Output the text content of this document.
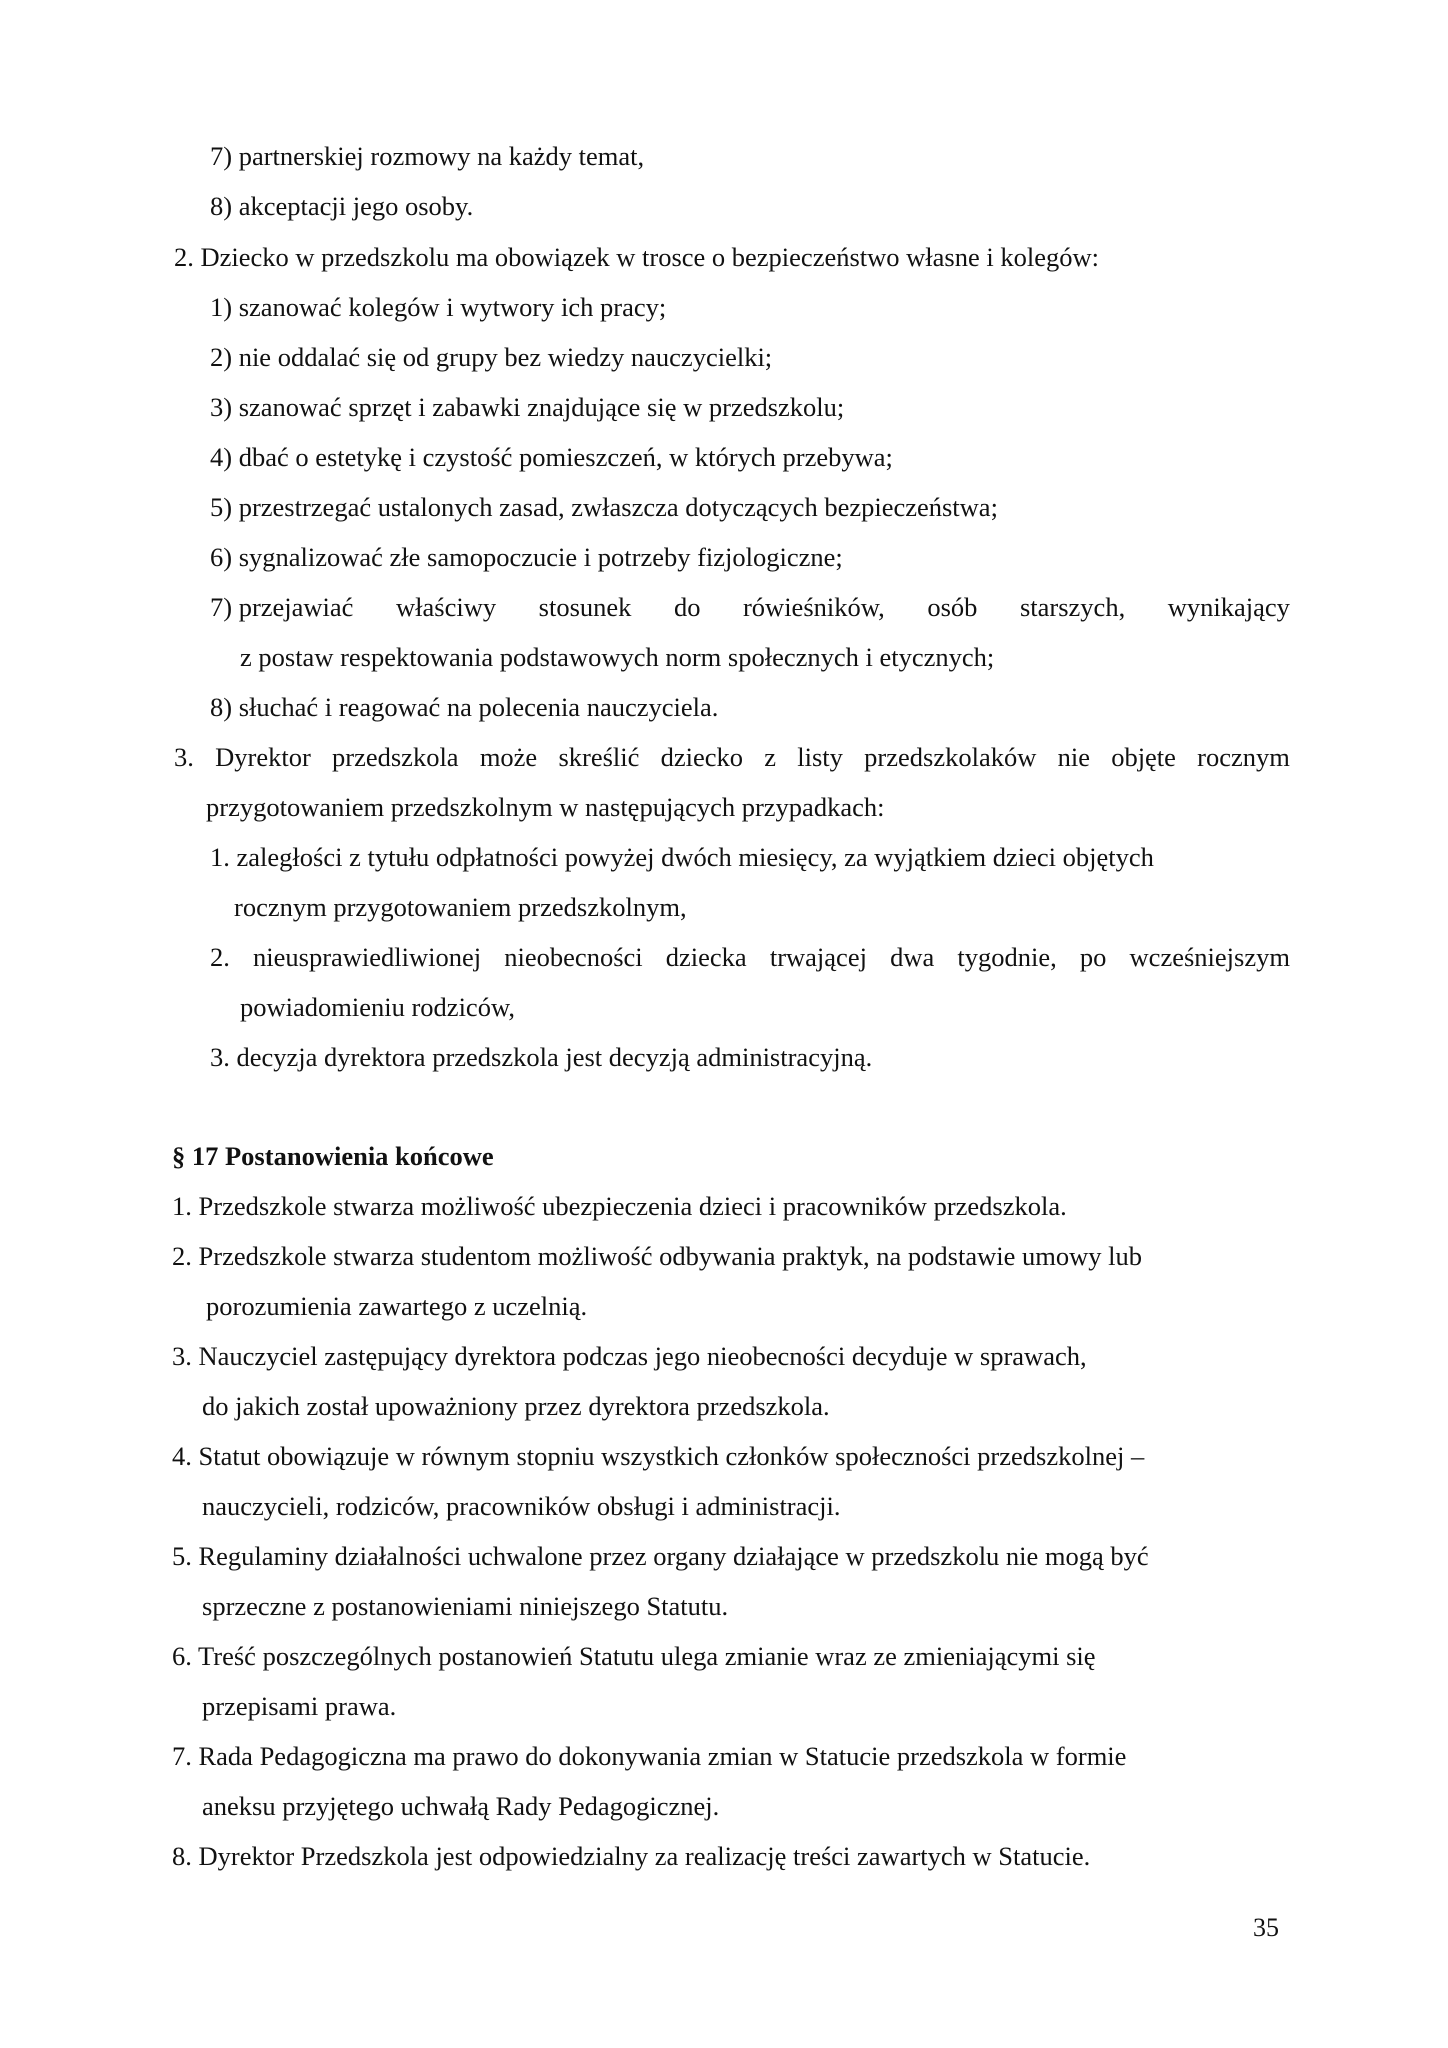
7) partnerskiej rozmowy na każdy temat,
8) akceptacji jego osoby.
2. Dziecko w przedszkolu ma obowiązek w trosce o bezpieczeństwo własne i kolegów:
1) szanować kolegów i wytwory ich pracy;
2) nie oddalać się od grupy bez wiedzy nauczycielki;
3) szanować sprzęt i zabawki znajdujące się w przedszkolu;
4) dbać o estetykę i czystość pomieszczeń, w których przebywa;
5) przestrzegać ustalonych zasad, zwłaszcza dotyczących bezpieczeństwa;
6) sygnalizować złe samopoczucie i potrzeby fizjologiczne;
7) przejawiać właściwy stosunek do rówieśników, osób starszych, wynikający
z postaw respektowania podstawowych norm społecznych i etycznych;
8) słuchać i reagować na polecenia nauczyciela.
3. Dyrektor przedszkola może skreślić dziecko z listy przedszkolaków nie objęte rocznym
przygotowaniem przedszkolnym w następujących przypadkach:
1. zaległości z tytułu odpłatności powyżej dwóch miesięcy, za wyjątkiem dzieci objętych
rocznym przygotowaniem przedszkolnym,
2. nieusprawiedliwionej nieobecności dziecka trwającej dwa tygodnie, po wcześniejszym
powiadomieniu rodziców,
3. decyzja dyrektora przedszkola jest decyzją administracyjną.
§ 17 Postanowienia końcowe
1. Przedszkole stwarza możliwość ubezpieczenia dzieci i pracowników przedszkola.
2. Przedszkole stwarza studentom możliwość odbywania praktyk, na podstawie umowy lub
porozumienia zawartego z uczelnią.
3. Nauczyciel zastępujący dyrektora podczas jego nieobecności decyduje w sprawach,
do jakich został upoważniony przez dyrektora przedszkola.
4. Statut obowiązuje w równym stopniu wszystkich członków społeczności przedszkolnej –
nauczycieli, rodziców, pracowników obsługi i administracji.
5. Regulaminy działalności uchwalone przez organy działające w przedszkolu nie mogą być
sprzeczne z postanowieniami niniejszego Statutu.
6. Treść poszczególnych postanowień Statutu ulega zmianie wraz ze zmieniającymi się
przepisami prawa.
7. Rada Pedagogiczna ma prawo do dokonywania zmian w Statucie przedszkola w formie
aneksu przyjętego uchwałą Rady Pedagogicznej.
8. Dyrektor Przedszkola jest odpowiedzialny za realizację treści zawartych w Statucie.
35
